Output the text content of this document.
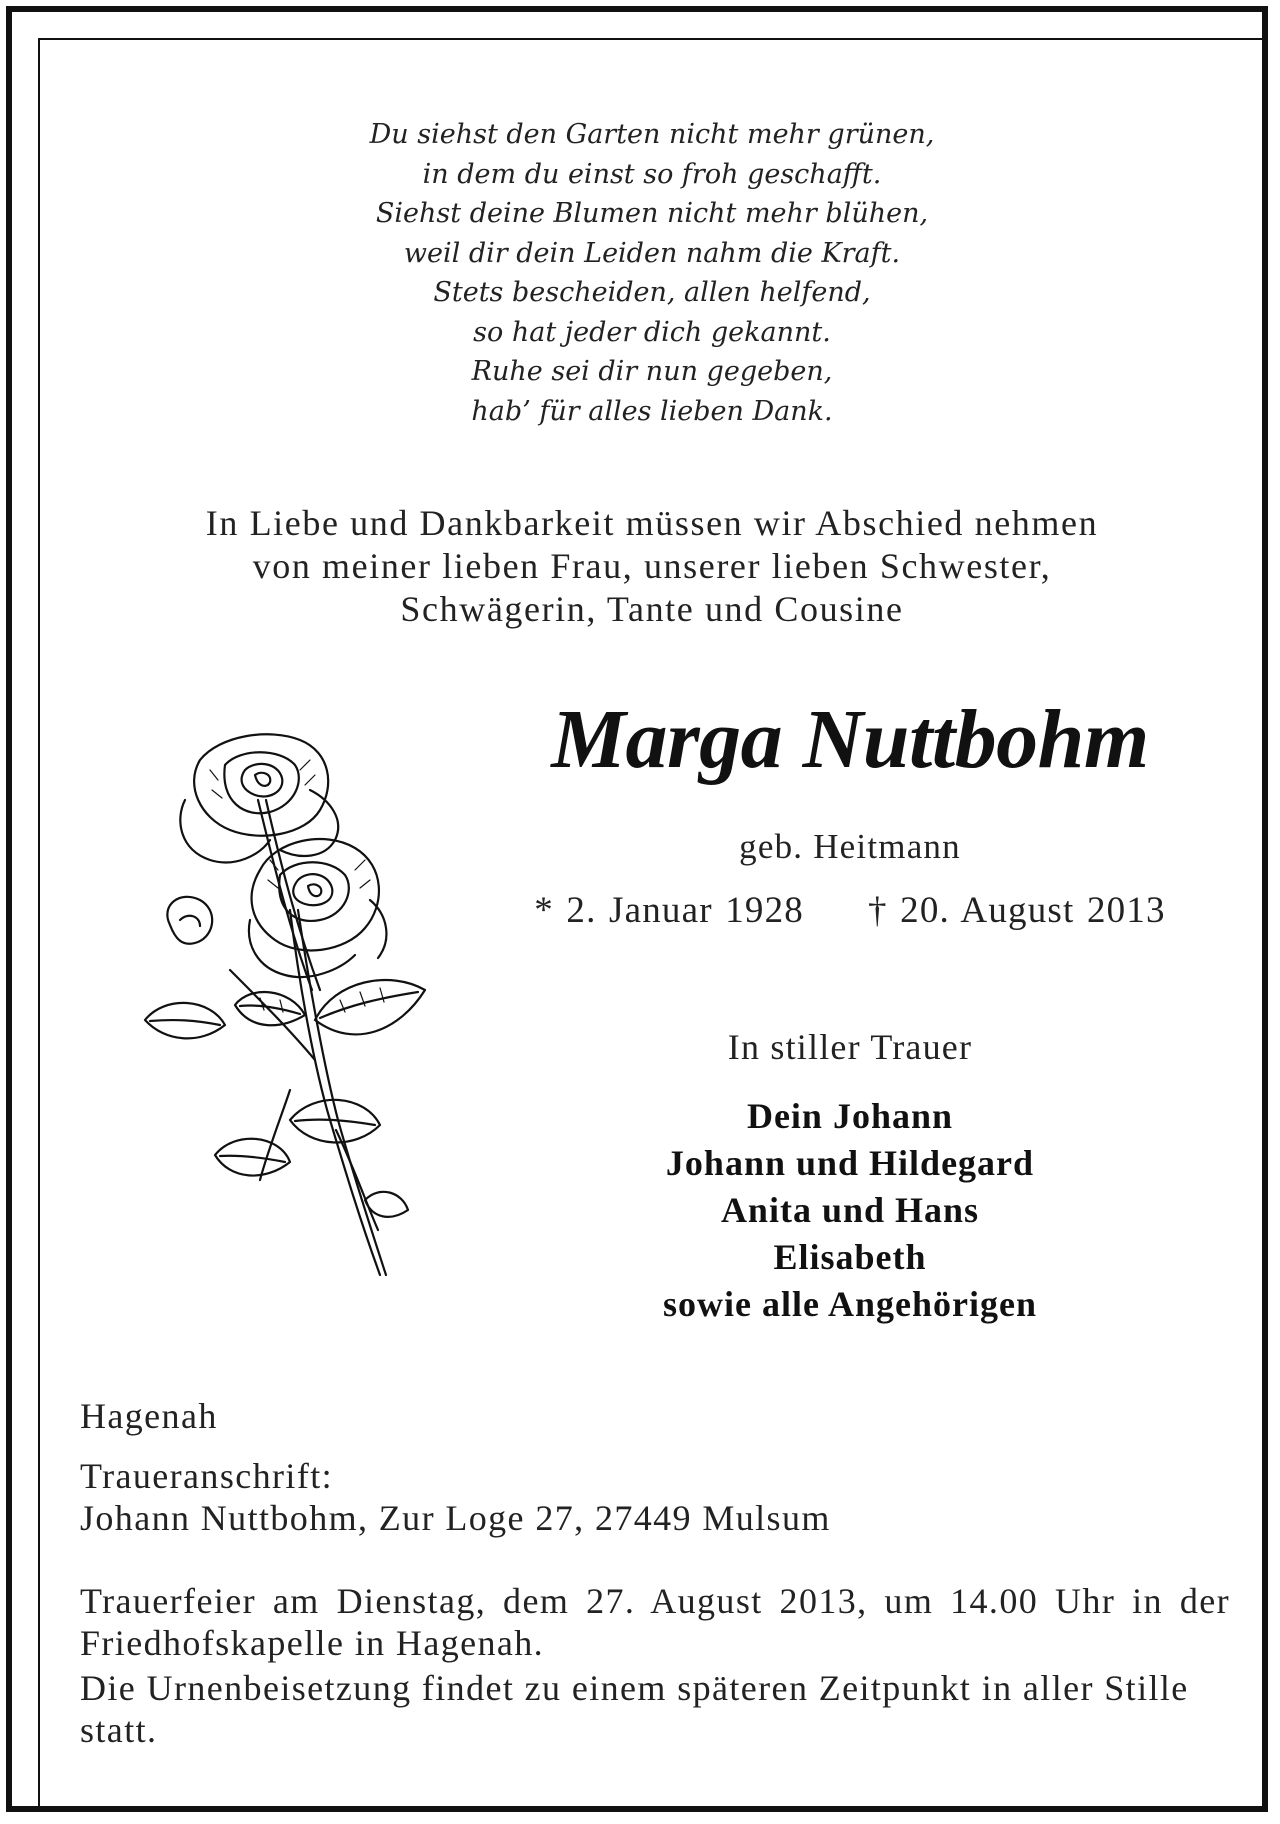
Du siehst den Garten nicht mehr grünen,
in dem du einst so froh geschafft.
Siehst deine Blumen nicht mehr blühen,
weil dir dein Leiden nahm die Kraft.
Stets bescheiden, allen helfend,
so hat jeder dich gekannt.
Ruhe sei dir nun gegeben,
hab’ für alles lieben Dank.
In Liebe und Dankbarkeit müssen wir Abschied nehmen
von meiner lieben Frau, unserer lieben Schwester,
Schwägerin, Tante und Cousine
Marga Nuttbohm
geb. Heitmann
* 2. Januar 1928 † 20. August 2013
In stiller Trauer
Dein Johann
Johann und Hildegard
Anita und Hans
Elisabeth
sowie alle Angehörigen
Hagenah
Traueranschrift:
Johann Nuttbohm, Zur Loge 27, 27449 Mulsum
Trauerfeier am Dienstag, dem 27. August 2013, um 14.00 Uhr in der Friedhofskapelle in Hagenah.
Die Urnenbeisetzung findet zu einem späteren Zeitpunkt in aller Stille statt.
